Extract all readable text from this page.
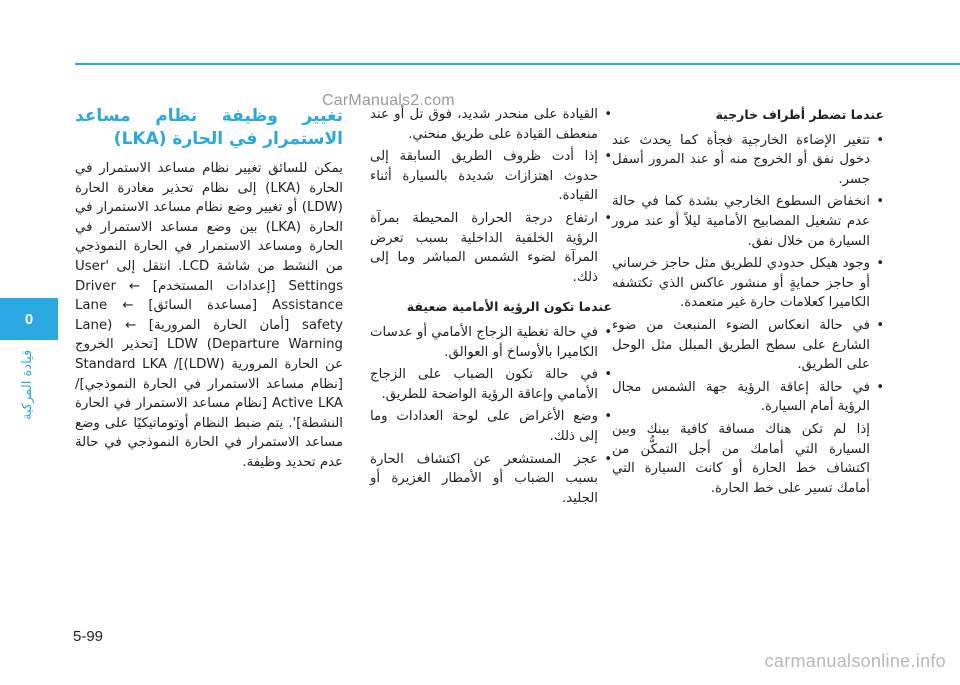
CarManuals2.com
0
قيادة المركبة
عندما تضطر أطراف خارجية
• تتغير الإضاءة الخارجية فجأة كما يحدث عند دخول نفق أو الخروج منه أو عند المرور أسفل جسر.
• انخفاض السطوع الخارجي بشدة كما في حالة عدم تشغيل المصابيح الأمامية ليلاً أو عند مرور السيارة من خلال نفق.
• وجود هيكل حدودي للطريق مثل حاجز خرساني أو حاجز حمايةٍ أو منشور عاكس الذي تكتشفه الكاميرا كعلامات حارة غير متعمدة.
• في حالة انعكاس الضوء المنبعث من ضوء الشارع على سطح الطريق المبلل مثل الوحل على الطريق.
• في حالة إعاقة الرؤية جهة الشمس مجال الرؤية أمام السيارة.

إذا لم تكن هناك مسافة كافية بينك وبين السيارة التي أمامك من أجل التمكُّن من اكتشاف خط الحارة أو كانت السيارة التي أمامك تسير على خط الحارة.

• القيادة على منحدر شديد، فوق تل أو عند منعطف القيادة على طريق منحني.
• إذا أدت ظروف الطريق السابقة إلى حدوث اهتزازات شديدة بالسيارة أثناء القيادة.
• ارتفاع درجة الحرارة المحيطة بمرآة الرؤية الخلفية الداخلية بسبب تعرض المرآة لضوء الشمس المباشر وما إلى ذلك.
عندما تكون الرؤية الأمامية ضعيفة
• في حالة تغطية الزجاج الأمامي أو عدسات الكاميرا بالأوساخ أو العوالق.
• في حالة تكون الضباب على الزجاج الأمامي وإعاقة الرؤية الواضحة للطريق.
• وضع الأغراض على لوحة العدادات وما إلى ذلك.
• عجز المستشعر عن اكتشاف الحارة بسبب الضباب أو الأمطار الغزيرة أو الجليد.
تغيير وظيفة نظام مساعد الاستمرار في الحارة (LKA)

يمكن للسائق تغيير نظام مساعد الاستمرار في الحارة (LKA) إلى نظام تحذير مغادرة الحارة (LDW) أو تغيير وضع نظام مساعد الاستمرار في الحارة (LKA) بين وضع مساعد الاستمرار في الحارة ومساعد الاستمرار في الحارة النموذجي من النشط من شاشة LCD. انتقل إلى 'User Settings [إعدادات المستخدم] ← Driver Assistance [مساعدة السائق] ← Lane safety [أمان الحارة المرورية] ← (Lane Departure Warning) LDW [تحذير الخروج عن الحارة المرورية (LDW)]/ Standard LKA [نظام مساعد الاستمرار في الحارة النموذجي]/ Active LKA [نظام مساعد الاستمرار في الحارة النشطة]'. يتم ضبط النظام أوتوماتيكيًا على وضع مساعد الاستمرار في الحارة النموذجي في حالة عدم تحديد وظيفة.

5-99
carmanualsonline.info
